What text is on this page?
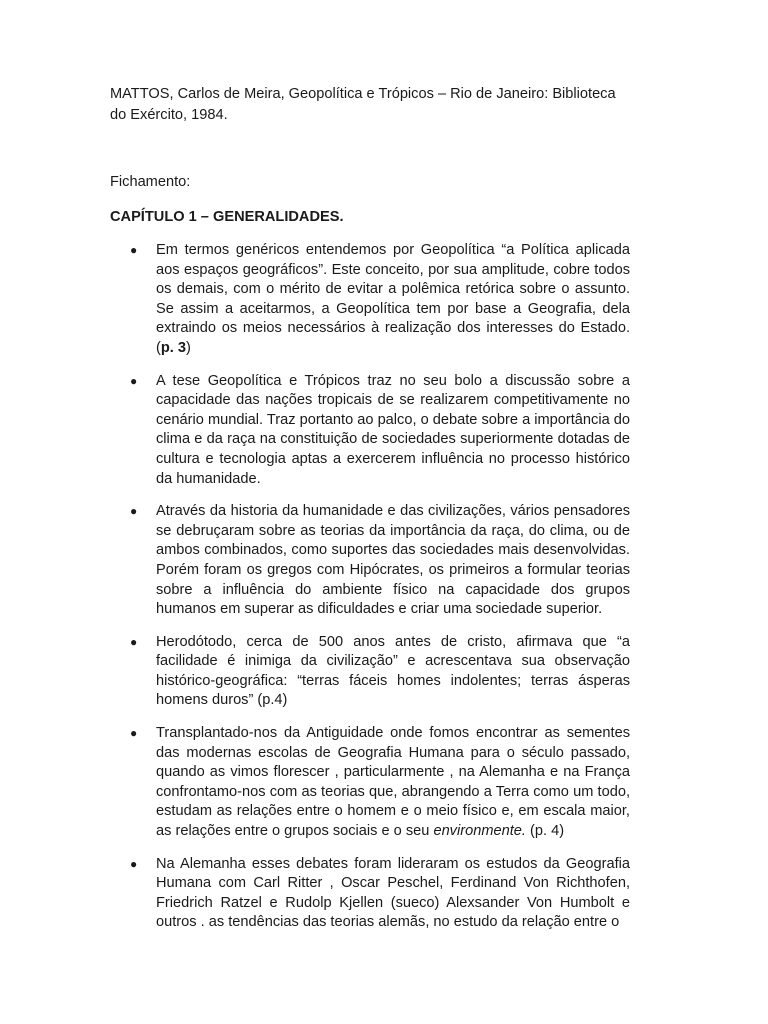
MATTOS, Carlos de Meira, Geopolítica e Trópicos – Rio de Janeiro: Biblioteca do Exército, 1984.

Fichamento:

CAPÍTULO 1 – GENERALIDADES.

● Em termos genéricos entendemos por Geopolítica “a Política aplicada aos espaços geográficos”. Este conceito, por sua amplitude, cobre todos os demais, com o mérito de evitar a polêmica retórica sobre o assunto. Se assim a aceitarmos, a Geopolítica tem por base a Geografia, dela extraindo os meios necessários à realização dos interesses do Estado. (p. 3)
● A tese Geopolítica e Trópicos traz no seu bolo a discussão sobre a capacidade das nações tropicais de se realizarem competitivamente no cenário mundial. Traz portanto ao palco, o debate sobre a importância do clima e da raça na constituição de sociedades superiormente dotadas de cultura e tecnologia aptas a exercerem influência no processo histórico da humanidade.
● Através da historia da humanidade e das civilizações, vários pensadores se debruçaram sobre as teorias da importância da raça, do clima, ou de ambos combinados, como suportes das sociedades mais desenvolvidas. Porém foram os gregos com Hipócrates, os primeiros a formular teorias sobre a influência do ambiente físico na capacidade dos grupos humanos em superar as dificuldades e criar uma sociedade superior.
● Herodótodo, cerca de 500 anos antes de cristo, afirmava que “a facilidade é inimiga da civilização” e acrescentava sua observação histórico-geográfica: “terras fáceis homes indolentes; terras ásperas homens duros” (p.4)
● Transplantado-nos da Antiguidade onde fomos encontrar as sementes das modernas escolas de Geografia Humana para o século passado, quando as vimos florescer , particularmente , na Alemanha e na França confrontamo-nos com as teorias que, abrangendo a Terra como um todo, estudam as relações entre o homem e o meio físico e, em escala maior, as relações entre o grupos sociais e o seu environmente. (p. 4)
● Na Alemanha esses debates foram lideraram os estudos da Geografia Humana com Carl Ritter , Oscar Peschel, Ferdinand Von Richthofen, Friedrich Ratzel e Rudolp Kjellen (sueco) Alexsander Von Humbolt e outros . as tendências das teorias alemãs, no estudo da relação entre o
